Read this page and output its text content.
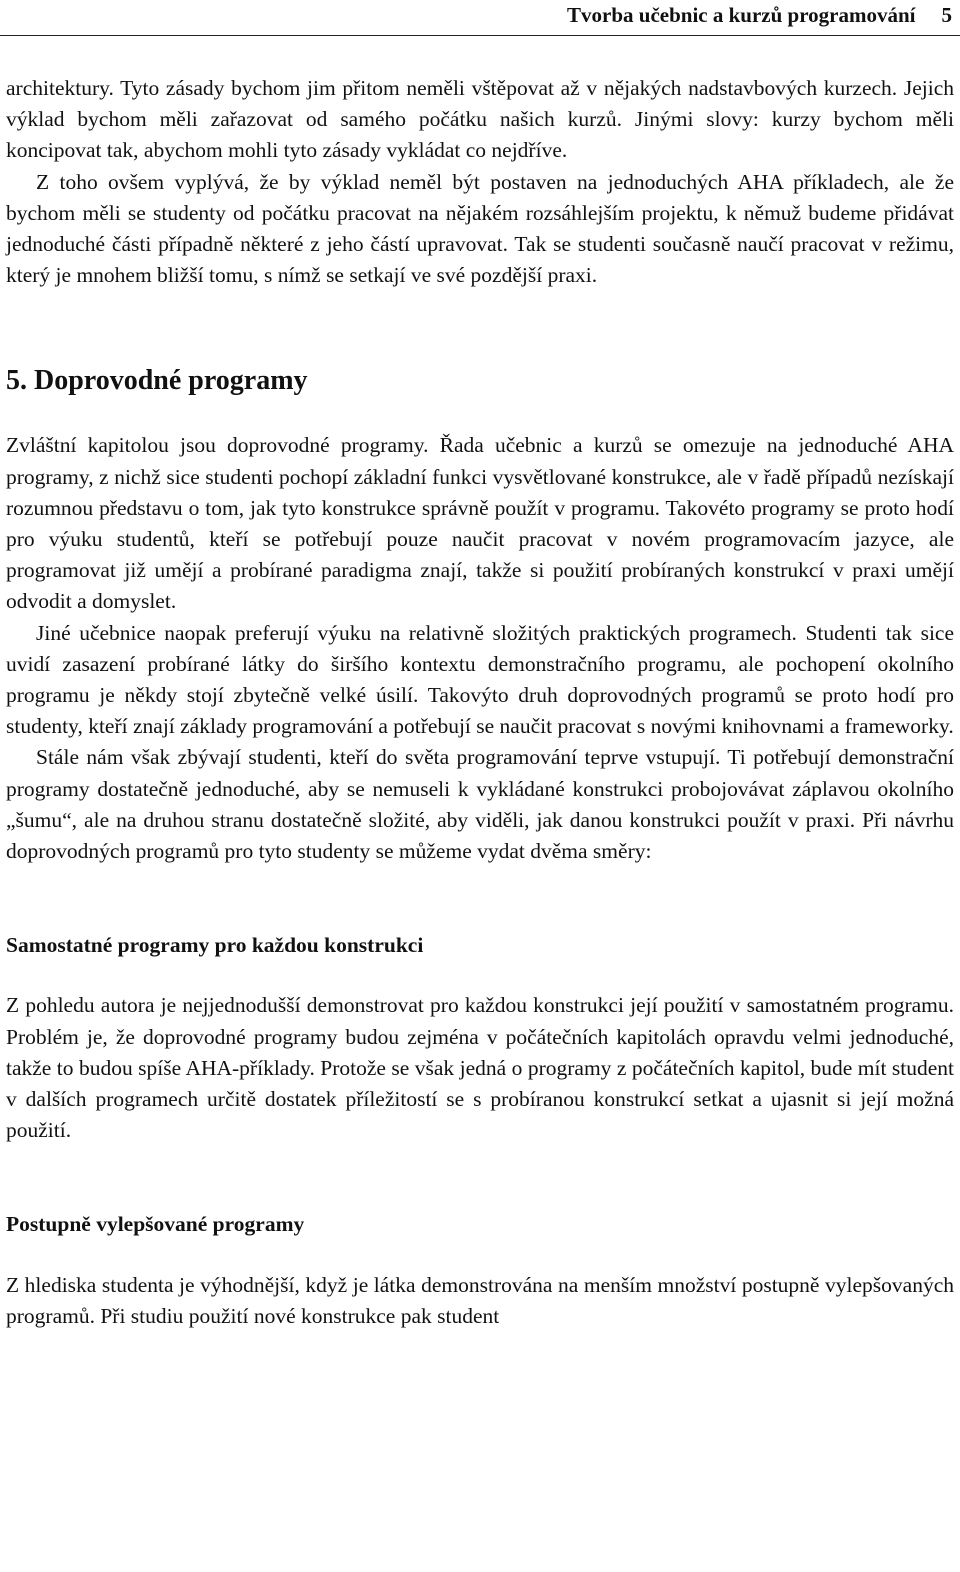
Tvorba učebnic a kurzů programování 5

architektury. Tyto zásady bychom jim přitom neměli vštěpovat až v nějakých nadstavbových kurzech. Jejich výklad bychom měli zařazovat od samého počátku našich kurzů. Jinými slovy: kurzy bychom měli koncipovat tak, abychom mohli tyto zásady vykládat co nejdříve.

Z toho ovšem vyplývá, že by výklad neměl být postaven na jednoduchých AHA příkladech, ale že bychom měli se studenty od počátku pracovat na nějakém rozsáhlejším projektu, k němuž budeme přidávat jednoduché části případně některé z jeho částí upravovat. Tak se studenti současně naučí pracovat v režimu, který je mnohem bližší tomu, s nímž se setkají ve své pozdější praxi.

5. Doprovodné programy

Zvláštní kapitolou jsou doprovodné programy. Řada učebnic a kurzů se omezuje na jednoduché AHA programy, z nichž sice studenti pochopí základní funkci vysvětlované konstrukce, ale v řadě případů nezískají rozumnou představu o tom, jak tyto konstrukce správně použít v programu. Takovéto programy se proto hodí pro výuku studentů, kteří se potřebují pouze naučit pracovat v novém programovacím jazyce, ale programovat již umějí a probírané paradigma znají, takže si použití probíraných konstrukcí v praxi umějí odvodit a domyslet.

Jiné učebnice naopak preferují výuku na relativně složitých praktických programech. Studenti tak sice uvidí zasazení probírané látky do širšího kontextu demonstračního programu, ale pochopení okolního programu je někdy stojí zbytečně velké úsilí. Takovýto druh doprovodných programů se proto hodí pro studenty, kteří znají základy programování a potřebují se naučit pracovat s novými knihovnami a frameworky.

Stále nám však zbývají studenti, kteří do světa programování teprve vstupují. Ti potřebují demonstrační programy dostatečně jednoduché, aby se nemuseli k vykládané konstrukci probojovávat záplavou okolního „šumu“, ale na druhou stranu dostatečně složité, aby viděli, jak danou konstrukci použít v praxi. Při návrhu doprovodných programů pro tyto studenty se můžeme vydat dvěma směry:

Samostatné programy pro každou konstrukci

Z pohledu autora je nejjednodušší demonstrovat pro každou konstrukci její použití v samostatném programu. Problém je, že doprovodné programy budou zejména v počátečních kapitolách opravdu velmi jednoduché, takže to budou spíše AHA-příklady. Protože se však jedná o programy z počátečních kapitol, bude mít student v dalších programech určitě dostatek příležitostí se s probíranou konstrukcí setkat a ujasnit si její možná použití.

Postupně vylepšované programy

Z hlediska studenta je výhodnější, když je látka demonstrována na menším množství postupně vylepšovaných programů. Při studiu použití nové konstrukce pak student
